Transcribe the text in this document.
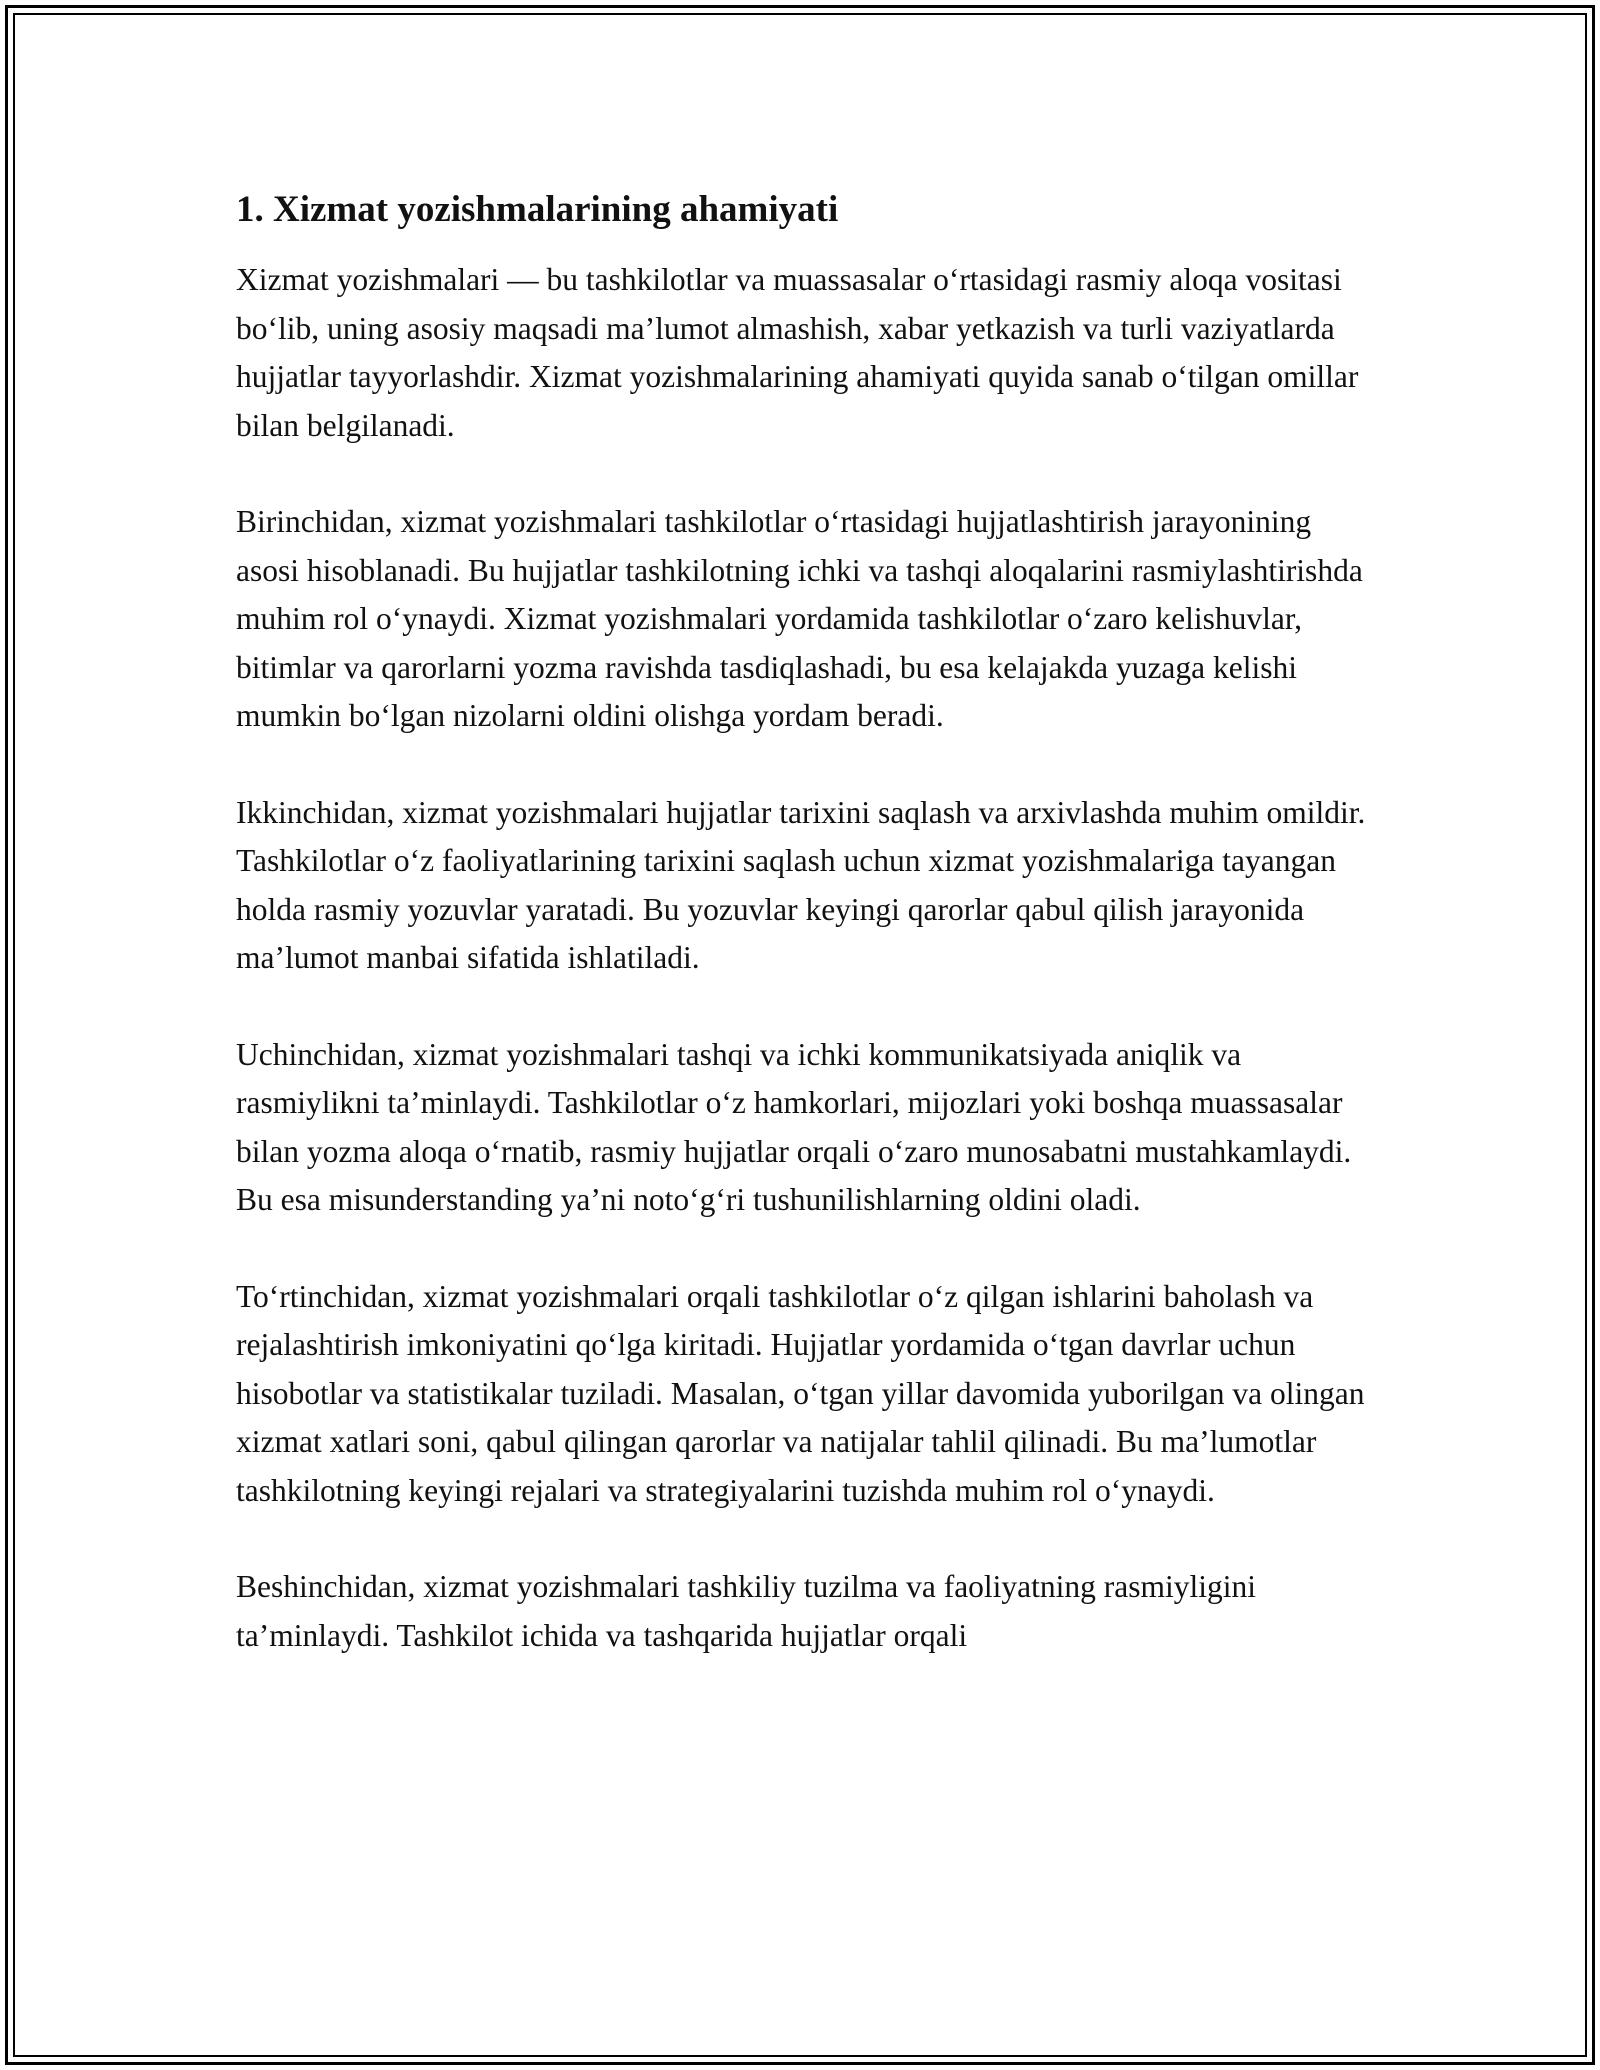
1. Xizmat yozishmalarining ahamiyati

Xizmat yozishmalari — bu tashkilotlar va muassasalar oʻrtasidagi rasmiy aloqa vositasi boʻlib, uning asosiy maqsadi maʼlumot almashish, xabar yetkazish va turli vaziyatlarda hujjatlar tayyorlashdir. Xizmat yozishmalarining ahamiyati quyida sanab oʻtilgan omillar bilan belgilanadi.

Birinchidan, xizmat yozishmalari tashkilotlar oʻrtasidagi hujjatlashtirish jarayonining asosi hisoblanadi. Bu hujjatlar tashkilotning ichki va tashqi aloqalarini rasmiylashtirishda muhim rol oʻynaydi. Xizmat yozishmalari yordamida tashkilotlar oʻzaro kelishuvlar, bitimlar va qarorlarni yozma ravishda tasdiqlashadi, bu esa kelajakda yuzaga kelishi mumkin boʻlgan nizolarni oldini olishga yordam beradi.

Ikkinchidan, xizmat yozishmalari hujjatlar tarixini saqlash va arxivlashda muhim omildir. Tashkilotlar oʻz faoliyatlarining tarixini saqlash uchun xizmat yozishmalariga tayangan holda rasmiy yozuvlar yaratadi. Bu yozuvlar keyingi qarorlar qabul qilish jarayonida maʼlumot manbai sifatida ishlatiladi.

Uchinchidan, xizmat yozishmalari tashqi va ichki kommunikatsiyada aniqlik va rasmiylikni taʼminlaydi. Tashkilotlar oʻz hamkorlari, mijozlari yoki boshqa muassasalar bilan yozma aloqa oʻrnatib, rasmiy hujjatlar orqali oʻzaro munosabatni mustahkamlaydi. Bu esa misunderstanding yaʼni notoʻgʻri tushunilishlarning oldini oladi.

Toʻrtinchidan, xizmat yozishmalari orqali tashkilotlar oʻz qilgan ishlarini baholash va rejalashtirish imkoniyatini qoʻlga kiritadi. Hujjatlar yordamida oʻtgan davrlar uchun hisobotlar va statistikalar tuziladi. Masalan, oʻtgan yillar davomida yuborilgan va olingan xizmat xatlari soni, qabul qilingan qarorlar va natijalar tahlil qilinadi. Bu maʼlumotlar tashkilotning keyingi rejalari va strategiyalarini tuzishda muhim rol oʻynaydi.

Beshinchidan, xizmat yozishmalari tashkiliy tuzilma va faoliyatning rasmiyligini taʼminlaydi. Tashkilot ichida va tashqarida hujjatlar orqali
